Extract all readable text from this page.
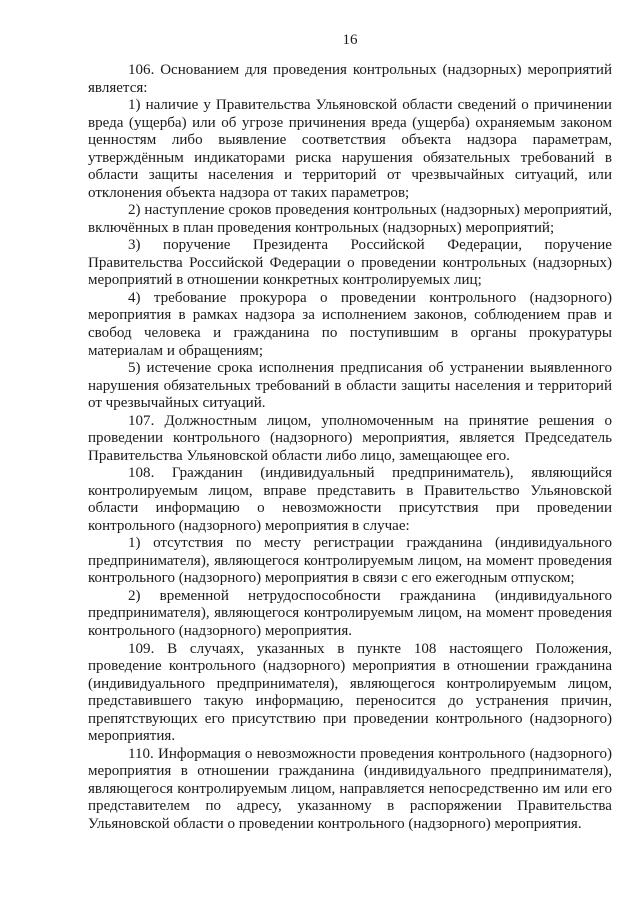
16

106. Основанием для проведения контрольных (надзорных) мероприятий является:

1) наличие у Правительства Ульяновской области сведений о причинении вреда (ущерба) или об угрозе причинения вреда (ущерба) охраняемым законом ценностям либо выявление соответствия объекта надзора параметрам, утверждённым индикаторами риска нарушения обязательных требований в области защиты населения и территорий от чрезвычайных ситуаций, или отклонения объекта надзора от таких параметров;

2) наступление сроков проведения контрольных (надзорных) мероприятий, включённых в план проведения контрольных (надзорных) мероприятий;

3) поручение Президента Российской Федерации, поручение Правительства Российской Федерации о проведении контрольных (надзорных) мероприятий в отношении конкретных контролируемых лиц;

4) требование прокурора о проведении контрольного (надзорного) мероприятия в рамках надзора за исполнением законов, соблюдением прав и свобод человека и гражданина по поступившим в органы прокуратуры материалам и обращениям;

5) истечение срока исполнения предписания об устранении выявленного нарушения обязательных требований в области защиты населения и территорий от чрезвычайных ситуаций.

107. Должностным лицом, уполномоченным на принятие решения о проведении контрольного (надзорного) мероприятия, является Председатель Правительства Ульяновской области либо лицо, замещающее его.

108. Гражданин (индивидуальный предприниматель), являющийся контролируемым лицом, вправе представить в Правительство Ульяновской области информацию о невозможности присутствия при проведении контрольного (надзорного) мероприятия в случае:

1) отсутствия по месту регистрации гражданина (индивидуального предпринимателя), являющегося контролируемым лицом, на момент проведения контрольного (надзорного) мероприятия в связи с его ежегодным отпуском;

2) временной нетрудоспособности гражданина (индивидуального предпринимателя), являющегося контролируемым лицом, на момент проведения контрольного (надзорного) мероприятия.

109. В случаях, указанных в пункте 108 настоящего Положения, проведение контрольного (надзорного) мероприятия в отношении гражданина (индивидуального предпринимателя), являющегося контролируемым лицом, представившего такую информацию, переносится до устранения причин, препятствующих его присутствию при проведении контрольного (надзорного) мероприятия.

110. Информация о невозможности проведения контрольного (надзорного) мероприятия в отношении гражданина (индивидуального предпринимателя), являющегося контролируемым лицом, направляется непосредственно им или его представителем по адресу, указанному в распоряжении Правительства Ульяновской области о проведении контрольного (надзорного) мероприятия.
